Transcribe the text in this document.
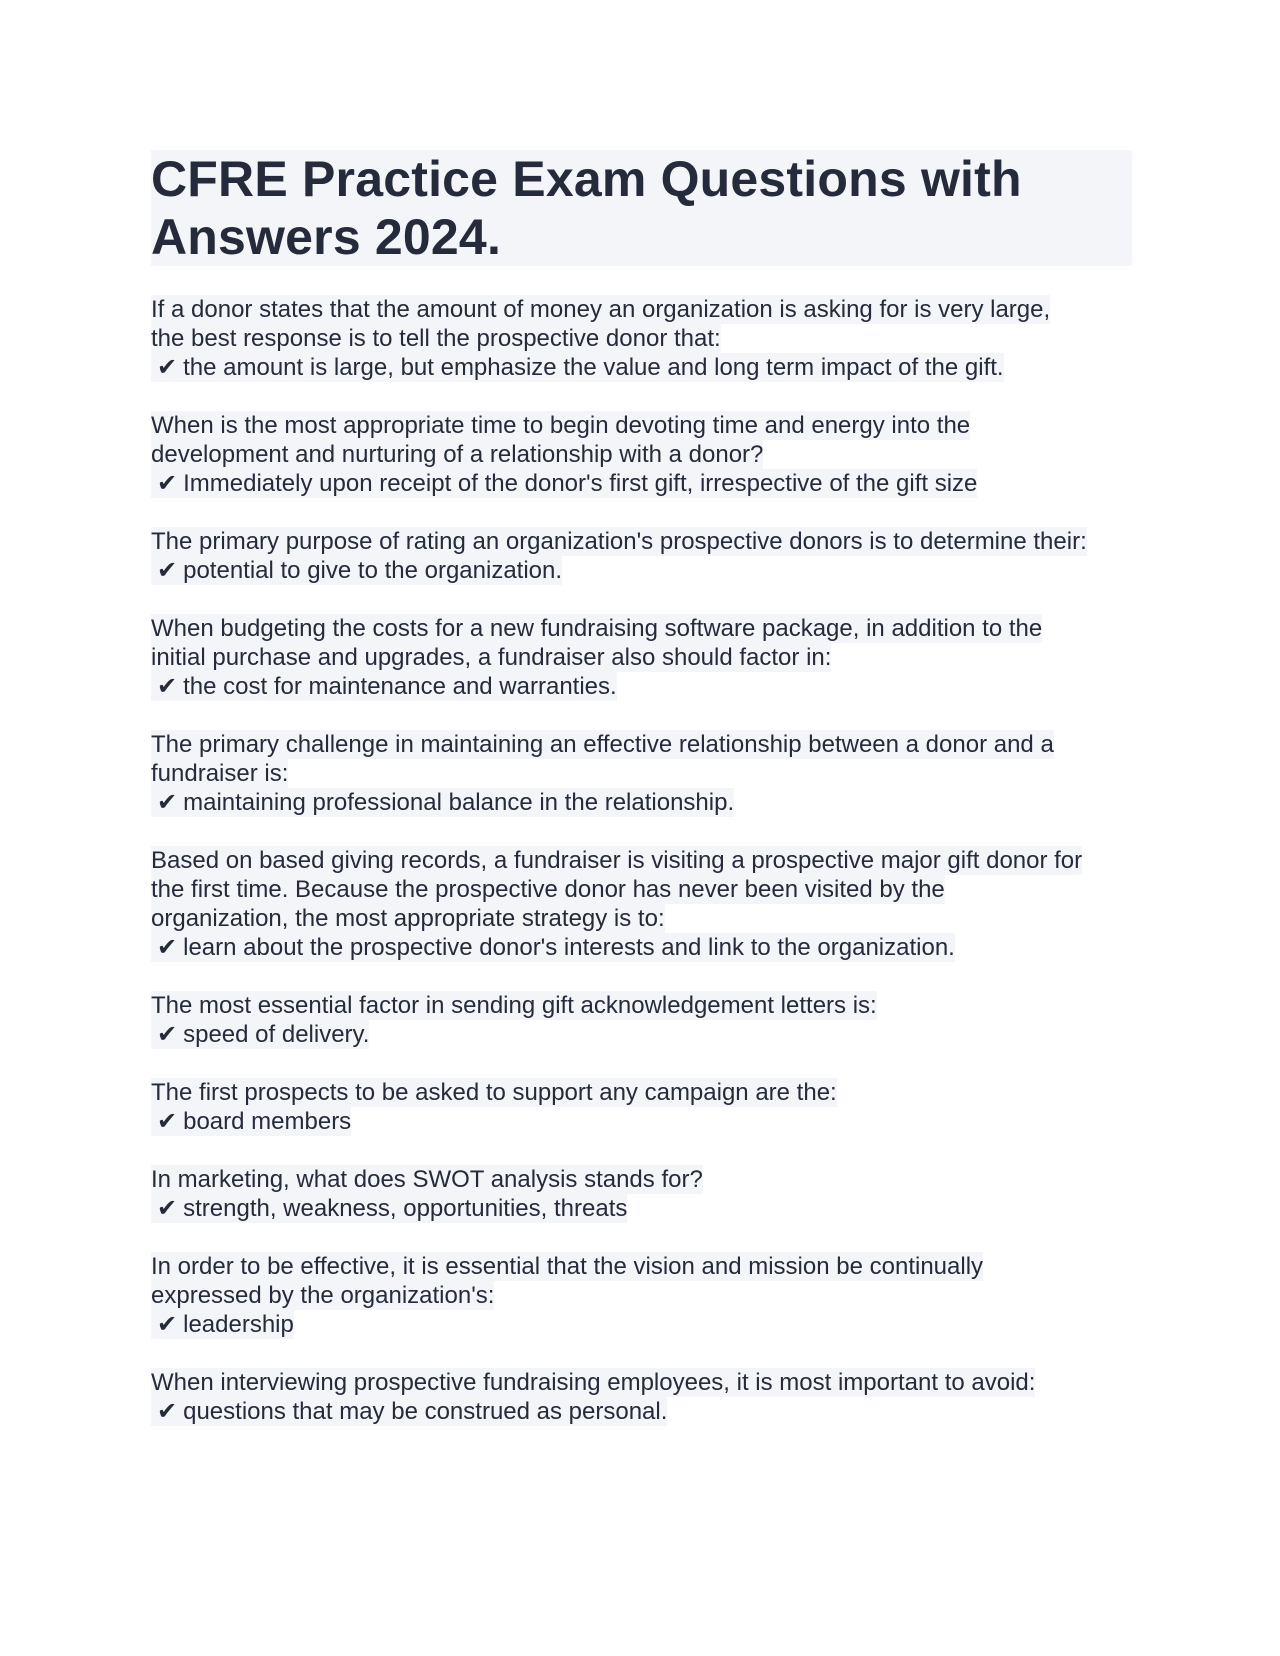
CFRE Practice Exam Questions with
Answers 2024.
If a donor states that the amount of money an organization is asking for is very large,
the best response is to tell the prospective donor that:
✔ the amount is large, but emphasize the value and long term impact of the gift.
When is the most appropriate time to begin devoting time and energy into the
development and nurturing of a relationship with a donor?
✔ Immediately upon receipt of the donor's first gift, irrespective of the gift size
The primary purpose of rating an organization's prospective donors is to determine their:
✔ potential to give to the organization.
When budgeting the costs for a new fundraising software package, in addition to the
initial purchase and upgrades, a fundraiser also should factor in:
✔ the cost for maintenance and warranties.
The primary challenge in maintaining an effective relationship between a donor and a
fundraiser is:
✔ maintaining professional balance in the relationship.
Based on based giving records, a fundraiser is visiting a prospective major gift donor for
the first time. Because the prospective donor has never been visited by the
organization, the most appropriate strategy is to:
✔ learn about the prospective donor's interests and link to the organization.
The most essential factor in sending gift acknowledgement letters is:
✔ speed of delivery.
The first prospects to be asked to support any campaign are the:
✔ board members
In marketing, what does SWOT analysis stands for?
✔ strength, weakness, opportunities, threats
In order to be effective, it is essential that the vision and mission be continually
expressed by the organization's:
✔ leadership
When interviewing prospective fundraising employees, it is most important to avoid:
✔ questions that may be construed as personal.
